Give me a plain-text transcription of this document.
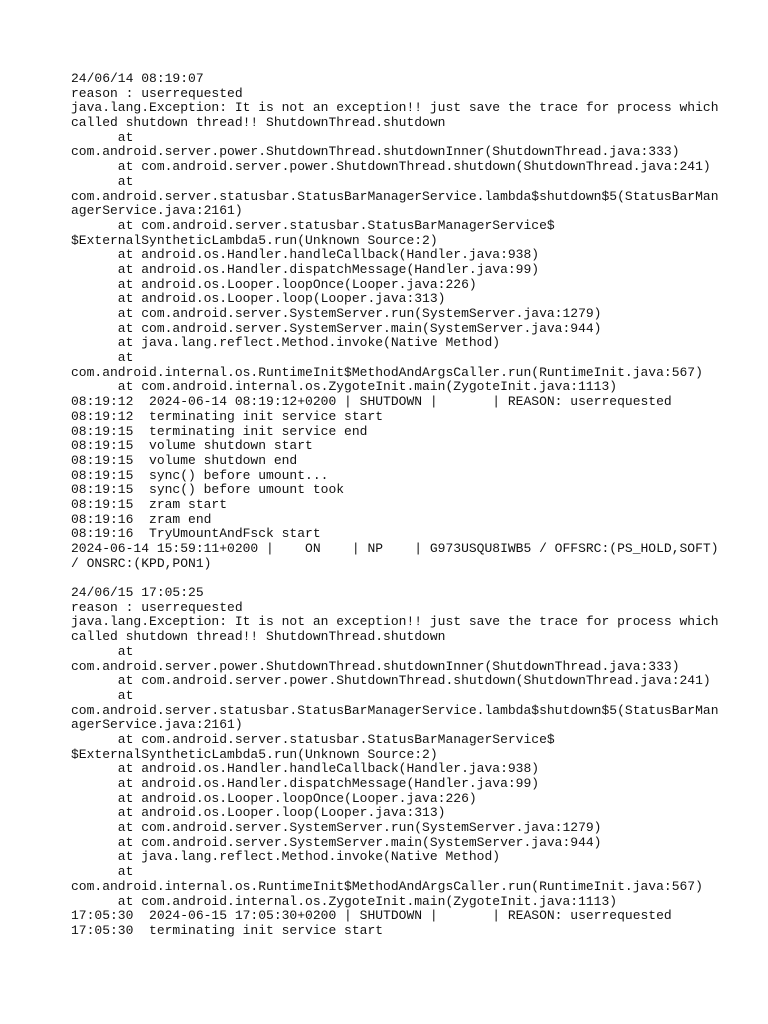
24/06/14 08:19:07
reason : userrequested
java.lang.Exception: It is not an exception!! just save the trace for process which
called shutdown thread!! ShutdownThread.shutdown
at
com.android.server.power.ShutdownThread.shutdownInner(ShutdownThread.java:333)
at com.android.server.power.ShutdownThread.shutdown(ShutdownThread.java:241)
at
com.android.server.statusbar.StatusBarManagerService.lambda$shutdown$5(StatusBarMan
agerService.java:2161)
at com.android.server.statusbar.StatusBarManagerService$
$ExternalSyntheticLambda5.run(Unknown Source:2)
at android.os.Handler.handleCallback(Handler.java:938)
at android.os.Handler.dispatchMessage(Handler.java:99)
at android.os.Looper.loopOnce(Looper.java:226)
at android.os.Looper.loop(Looper.java:313)
at com.android.server.SystemServer.run(SystemServer.java:1279)
at com.android.server.SystemServer.main(SystemServer.java:944)
at java.lang.reflect.Method.invoke(Native Method)
at
com.android.internal.os.RuntimeInit$MethodAndArgsCaller.run(RuntimeInit.java:567)
at com.android.internal.os.ZygoteInit.main(ZygoteInit.java:1113)
08:19:12  2024-06-14 08:19:12+0200 | SHUTDOWN |       | REASON: userrequested
08:19:12  terminating init service start
08:19:15  terminating init service end
08:19:15  volume shutdown start
08:19:15  volume shutdown end
08:19:15  sync() before umount...
08:19:15  sync() before umount took
08:19:15  zram start
08:19:16  zram end
08:19:16  TryUmountAndFsck start
2024-06-14 15:59:11+0200 |    ON    | NP    | G973USQU8IWB5 / OFFSRC:(PS_HOLD,SOFT)
/ ONSRC:(KPD,PON1)
24/06/15 17:05:25
reason : userrequested
java.lang.Exception: It is not an exception!! just save the trace for process which
called shutdown thread!! ShutdownThread.shutdown
at
com.android.server.power.ShutdownThread.shutdownInner(ShutdownThread.java:333)
at com.android.server.power.ShutdownThread.shutdown(ShutdownThread.java:241)
at
com.android.server.statusbar.StatusBarManagerService.lambda$shutdown$5(StatusBarMan
agerService.java:2161)
at com.android.server.statusbar.StatusBarManagerService$
$ExternalSyntheticLambda5.run(Unknown Source:2)
at android.os.Handler.handleCallback(Handler.java:938)
at android.os.Handler.dispatchMessage(Handler.java:99)
at android.os.Looper.loopOnce(Looper.java:226)
at android.os.Looper.loop(Looper.java:313)
at com.android.server.SystemServer.run(SystemServer.java:1279)
at com.android.server.SystemServer.main(SystemServer.java:944)
at java.lang.reflect.Method.invoke(Native Method)
at
com.android.internal.os.RuntimeInit$MethodAndArgsCaller.run(RuntimeInit.java:567)
at com.android.internal.os.ZygoteInit.main(ZygoteInit.java:1113)
17:05:30  2024-06-15 17:05:30+0200 | SHUTDOWN |       | REASON: userrequested
17:05:30  terminating init service start
